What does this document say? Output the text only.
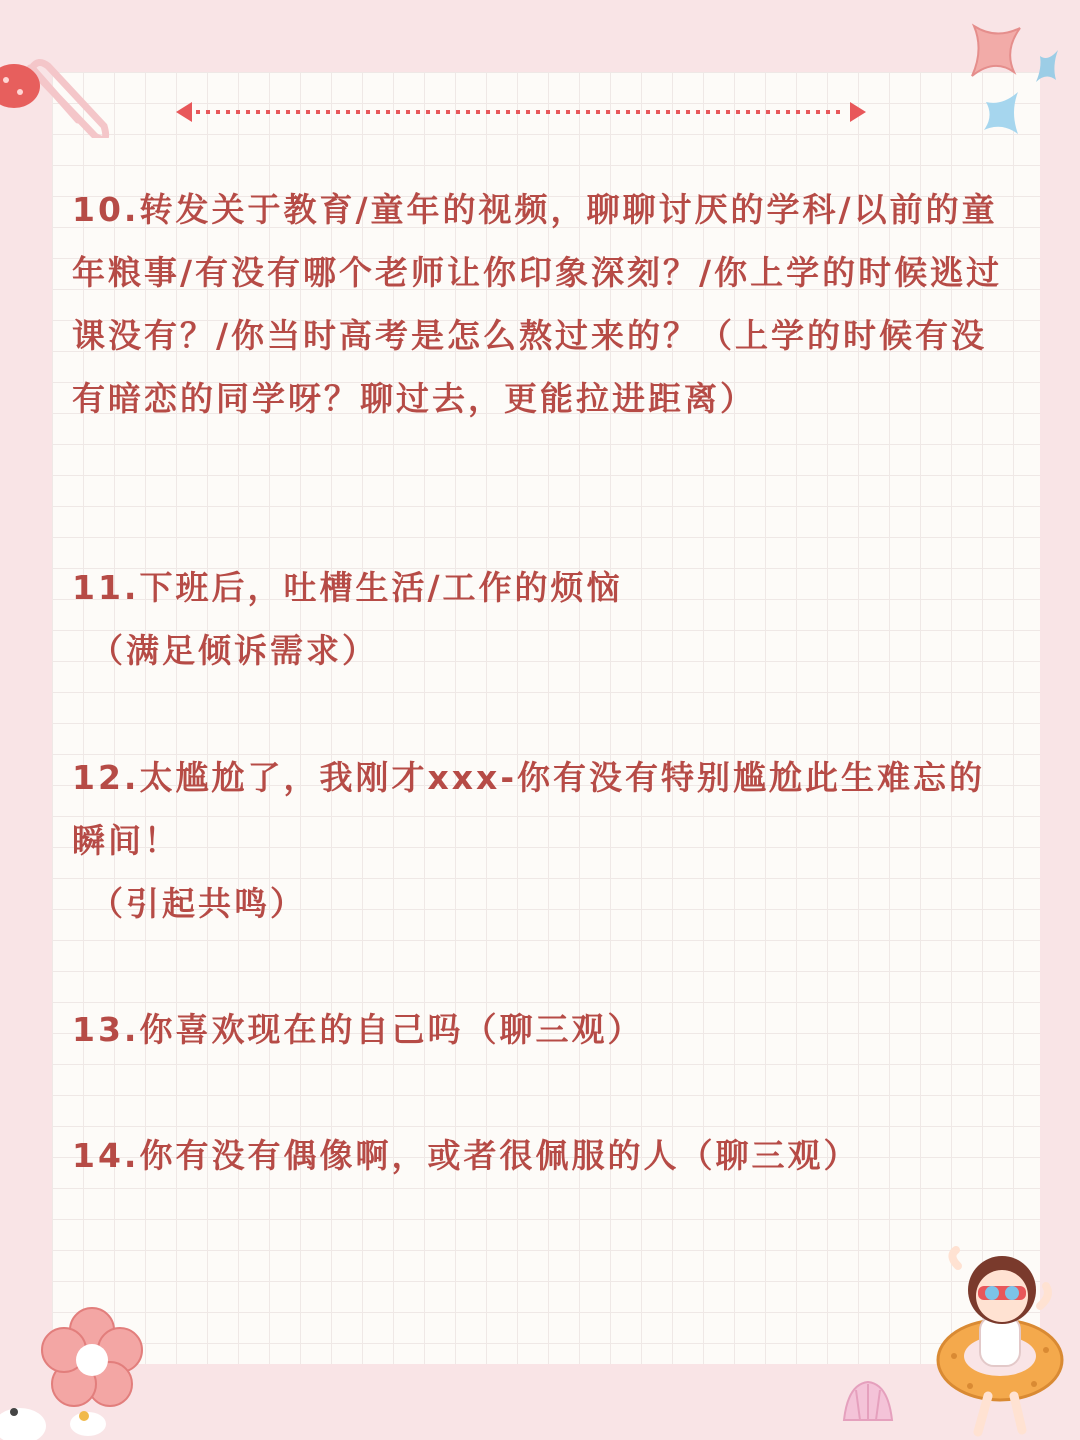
10.转发关于教育/童年的视频，聊聊讨厌的学科/以前的童年粮事/有没有哪个老师让你印象深刻？/你上学的时候逃过课没有？/你当时高考是怎么熬过来的？（上学的时候有没有暗恋的同学呀？聊过去，更能拉进距离）
11.下班后，吐槽生活/工作的烦恼
（满足倾诉需求）
12.太尴尬了，我刚才xxx-你有没有特别尴尬此生难忘的瞬间！
（引起共鸣）
13.你喜欢现在的自己吗（聊三观）
14.你有没有偶像啊，或者很佩服的人（聊三观）
